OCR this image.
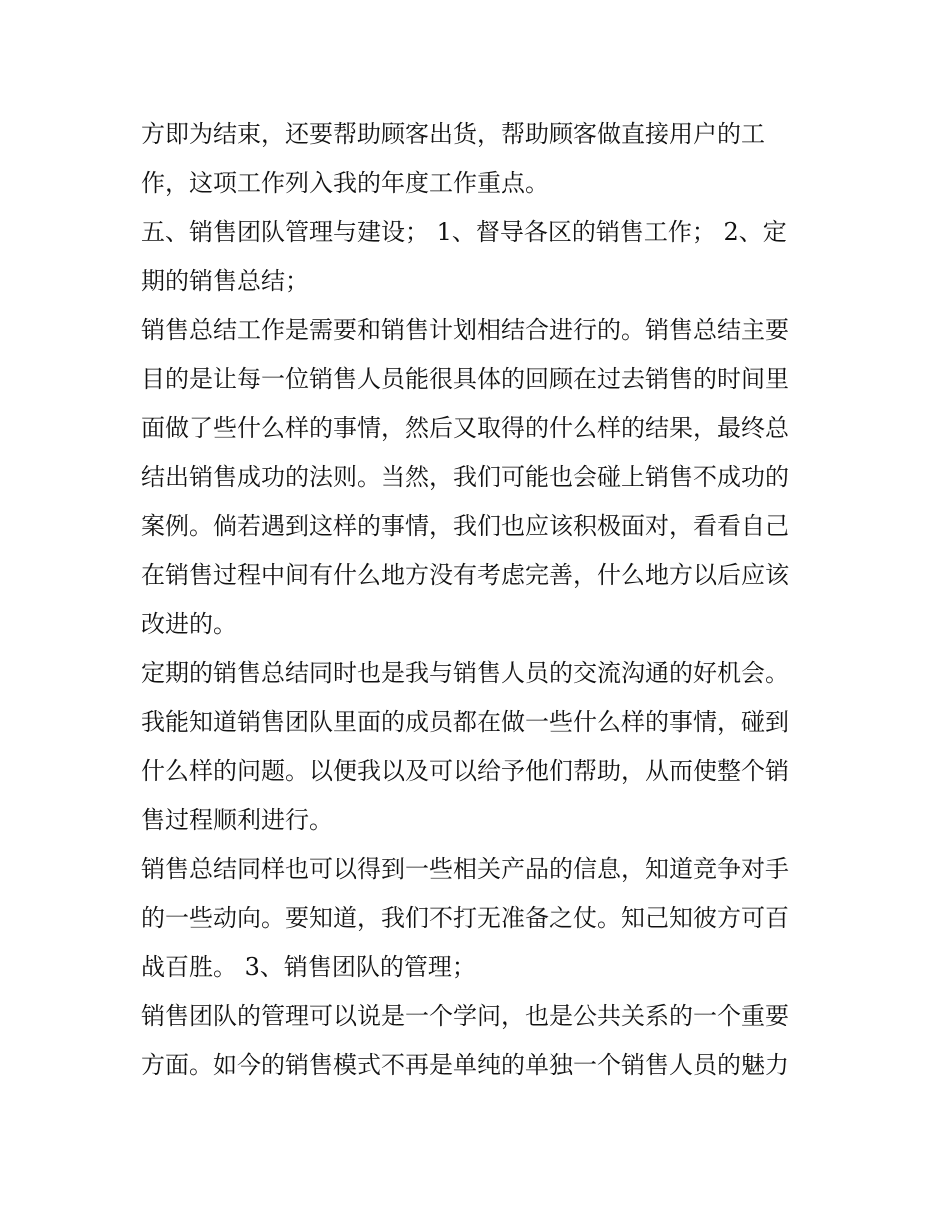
方即为结束，还要帮助顾客出货，帮助顾客做直接用户的工
作，这项工作列入我的年度工作重点。
五、销售团队管理与建设； 1、督导各区的销售工作； 2、定
期的销售总结；
销售总结工作是需要和销售计划相结合进行的。销售总结主要
目的是让每一位销售人员能很具体的回顾在过去销售的时间里
面做了些什么样的事情，然后又取得的什么样的结果，最终总
结出销售成功的法则。当然，我们可能也会碰上销售不成功的
案例。倘若遇到这样的事情，我们也应该积极面对，看看自己
在销售过程中间有什么地方没有考虑完善，什么地方以后应该
改进的。
定期的销售总结同时也是我与销售人员的交流沟通的好机会。
我能知道销售团队里面的成员都在做一些什么样的事情，碰到
什么样的问题。以便我以及可以给予他们帮助，从而使整个销
售过程顺利进行。
销售总结同样也可以得到一些相关产品的信息，知道竞争对手
的一些动向。要知道，我们不打无准备之仗。知己知彼方可百
战百胜。 3、销售团队的管理；
销售团队的管理可以说是一个学问，也是公共关系的一个重要
方面。如今的销售模式不再是单纯的单独一个销售人员的魅力
